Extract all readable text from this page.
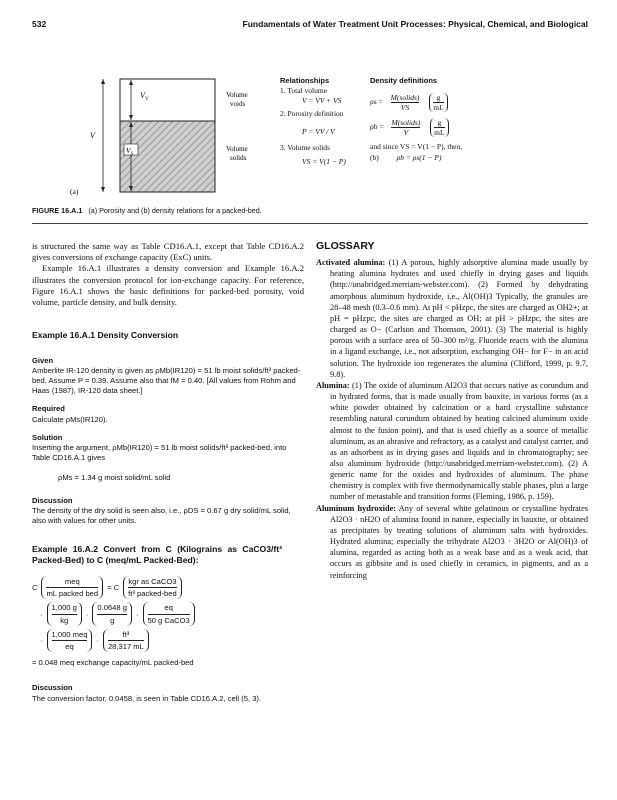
532	Fundamentals of Water Treatment Unit Processes: Physical, Chemical, and Biological
$V_V$
$V_S$
V
Volume
voids
Volume
solids
(a)
Relationships
1. Total volume
V = VV + VS
2. Porosity definition
P = VV / V
3. Volume solids
VS = V(1 − P)
Density definitions
ρs = M(solids)
VS
	$\frac{g}{mL}$
ρb = M(solids)
V
	$\frac{g}{mL}$
and since VS = V(1 − P), then,
(b) ρb = ρs(1 − P)
FIGURE 16.A.1 (a) Porosity and (b) density relations for a packed-bed.

is structured the same way as Table CD16.A.1, except that Table CD16.A.2 gives conversions of exchange capacity (ExC) units.

Example 16.A.1 illustrates a density conversion and Example 16.A.2 illustrates the conversion protocol for ion-exchange capacity. For reference, Figure 16.A.1 shows the basic definitions for packed-bed porosity, void volume, particle density, and bulk density.

Example 16.A.1 Density Conversion
Given

Amberlite IR-120 density is given as ρMb(IR120) = 51 lb moist solids/ft³ packed-bed. Assume P = 0.39. Assume also that fM = 0.40. [All values from Rohm and Haas (1987), IR-120 data sheet.]

Required

Calculate ρMs(IR120).

Solution

Inserting the argument, ρMb(IR120) = 51 lb moist solids/ft³ packed-bed, into Table CD16.A.1 gives

ρMs = 1.34 g moist solid/mL solid

Discussion

The density of the dry solid is seen also, i.e., ρDS = 0.67 g dry solid/mL solid, also with values for other units.

Example 16.A.2 Convert from C (Kilograins as CaCO3/ft³ Packed-Bed) to C (meq/mL Packed-Bed):
C
meq
mL packed bed
= C
kgr as CaCO3
ft³ packed-bed
·
1,000 g
kg
·
0.0648 g
g
·
eq
50 g CaCO3
·
1,000 meq
eq
·
ft³
28,317 mL
= 0.048 meq exchange capacity/mL packed-bed
Discussion

The conversion factor, 0.0458, is seen in Table CD16.A.2, cell (5, 3).

GLOSSARY

Activated alumina: (1) A porous, highly adsorptive alumina made usually by heating alumina hydrates and used chiefly in drying gases and liquids (http://unabridged.merriam-webster.com). (2) Formed by dehydrating amorphous aluminum hydroxide, i.e., Al(OH)3 Typically, the granules are 28–48 mesh (0.3–0.6 mm). At pH < pHzpc, the sites are charged as OH2+; at pH = pHzpc, the sites are charged as OH; at pH > pHzpc, the sites are charged as O− (Carlson and Thomson, 2001). (3) The material is highly porous with a surface area of 50–300 m²/g. Fluoride reacts with the alumina in a ligand exchange, i.e., not adsorption, exchanging OH− for F− in an acid solution. The hydroxide ion regenerates the alumina (Clifford, 1999, p. 9.7, 9.8).

Alumina: (1) The oxide of aluminum Al2O3 that occurs native as corundum and in hydrated forms, that is made usually from bauxite, in various forms (as a white powder obtained by calcination or a hard crystalline substance resembling natural corundum obtained by heating calcined aluminum oxide almost to the fusion point), and that is used chiefly as a source of metallic aluminum, as an abrasive and refractory, as a catalyst and catalyst carrier, and as an adsorbent as in drying gases and liquids and in chromatography; see also aluminum hydroxide (http://unabridged.merriam-webster.com). (2) A generic name for the oxides and hydroxides of aluminum. The phase chemistry is complex with five thermodynamically stable phases, plus a large number of metastable and transition forms (Fleming, 1986, p. 159).

Aluminum hydroxide: Any of several white gelatinous or crystalline hydrates Al2O3 · nH2O of alumina found in nature, especially in bauxite, or obtained as precipitates by treating solutions of aluminum salts with hydroxides. Hydrated alumina; especially the trihydrate Al2O3 · 3H2O or Al(OH)3 of alumina, regarded as acting both as a weak base and as a weak acid, that occurs as gibbsite and is used chiefly in ceramics, in pigments, and as a reinforcing
